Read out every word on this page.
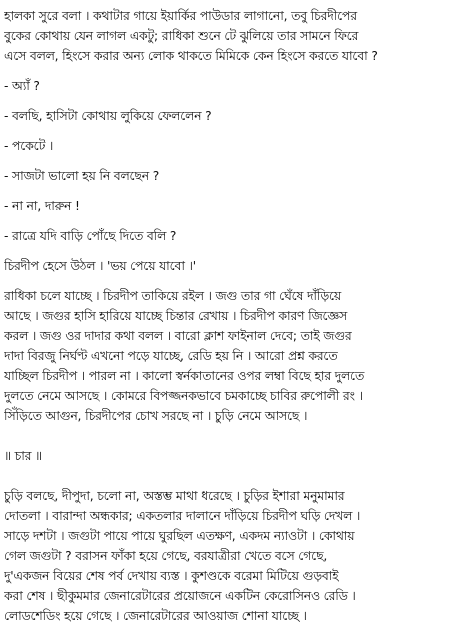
হালকা সুরে বলা । কথাটার গায়ে ইয়ার্কির পাউডার লাগানো, তবু চিরদীপের
বুকের কোথায় যেন লাগল একটু; রাধিকা শুনে টে ঝুলিয়ে তার সামনে ফিরে
এসে বলল, হিংসে করার অন্য লোক থাকতে মিমিকে কেন হিংসে করতে যাবো ?
- অ্যাঁ ?
- বলছি, হাসিটা কোথায় লুকিয়ে ফেললেন ?
- পকেটে ।
- সাজটা ভালো হয় নি বলছেন ?
- না না, দারুন !
- রাত্রে যদি বাড়ি পোঁছে দিতে বলি ?
চিরদীপ হেসে উঠল । 'ভয় পেয়ে যাবো ।'
রাধিকা চলে যাচ্ছে । চিরদীপ তাকিয়ে রইল । জগু তার গা ঘেঁষে দাঁড়িয়ে
আছে । জগুর হাসি হারিয়ে যাচ্ছে চিন্তার রেখায় । চিরদীপ কারণ জিজ্ঞেস
করল । জগু ওর দাদার কথা বলল । বারো ক্লাশ ফাইনাল দেবে; তাই জগুর
দাদা বিরজু নির্ঘণ্ট এখনো পড়ে যাচ্ছে, রেডি হয় নি । আরো প্রশ্ন করতে
যাচ্ছিল চিরদীপ । পারল না । কালো স্বর্নকাতানের ওপর লম্বা বিছে হার দুলতে
দুলতে নেমে আসছে । কোমরে বিপজ্জনকভাবে চমকাচ্ছে চাবির রুপোলী রং ।
সিঁড়িতে আগুন, চিরদীপের চোখ সরছে না । চুড়ি নেমে আসছে ।
॥ চার ॥
চুড়ি বলছে, দীপুদা, চলো না, অস্তম্ভ মাথা ধরেছে । চুড়ির ইশারা মনুমামার
দোতলা । বারান্দা অন্ধকার; একতলার দালানে দাঁড়িয়ে চিরদীপ ঘড়ি দেখল ।
সাড়ে দশটা । জগুটা পায়ে পায়ে ঘুরছিল এতক্ষণ, একদম ন্যাওটা । কোথায়
গেল জগুটা ? বরাসন ফাঁকা হয়ে গেছে, বরযাত্রীরা খেতে বসে গেছে,
দু'একজন বিয়ের শেষ পর্ব দেখায় ব্যস্ত । কুশণ্ডকে বরেমা মিটিয়ে গুড়বাই
করা শেষ । ছীকুমমার জেনারেটারের প্রয়োজনে একটিন কেরোসিনও রেডি ।
লোডশেডিং হয়ে গেছে । জেনারেটারের আওয়াজ শোনা যাচ্ছে ।
